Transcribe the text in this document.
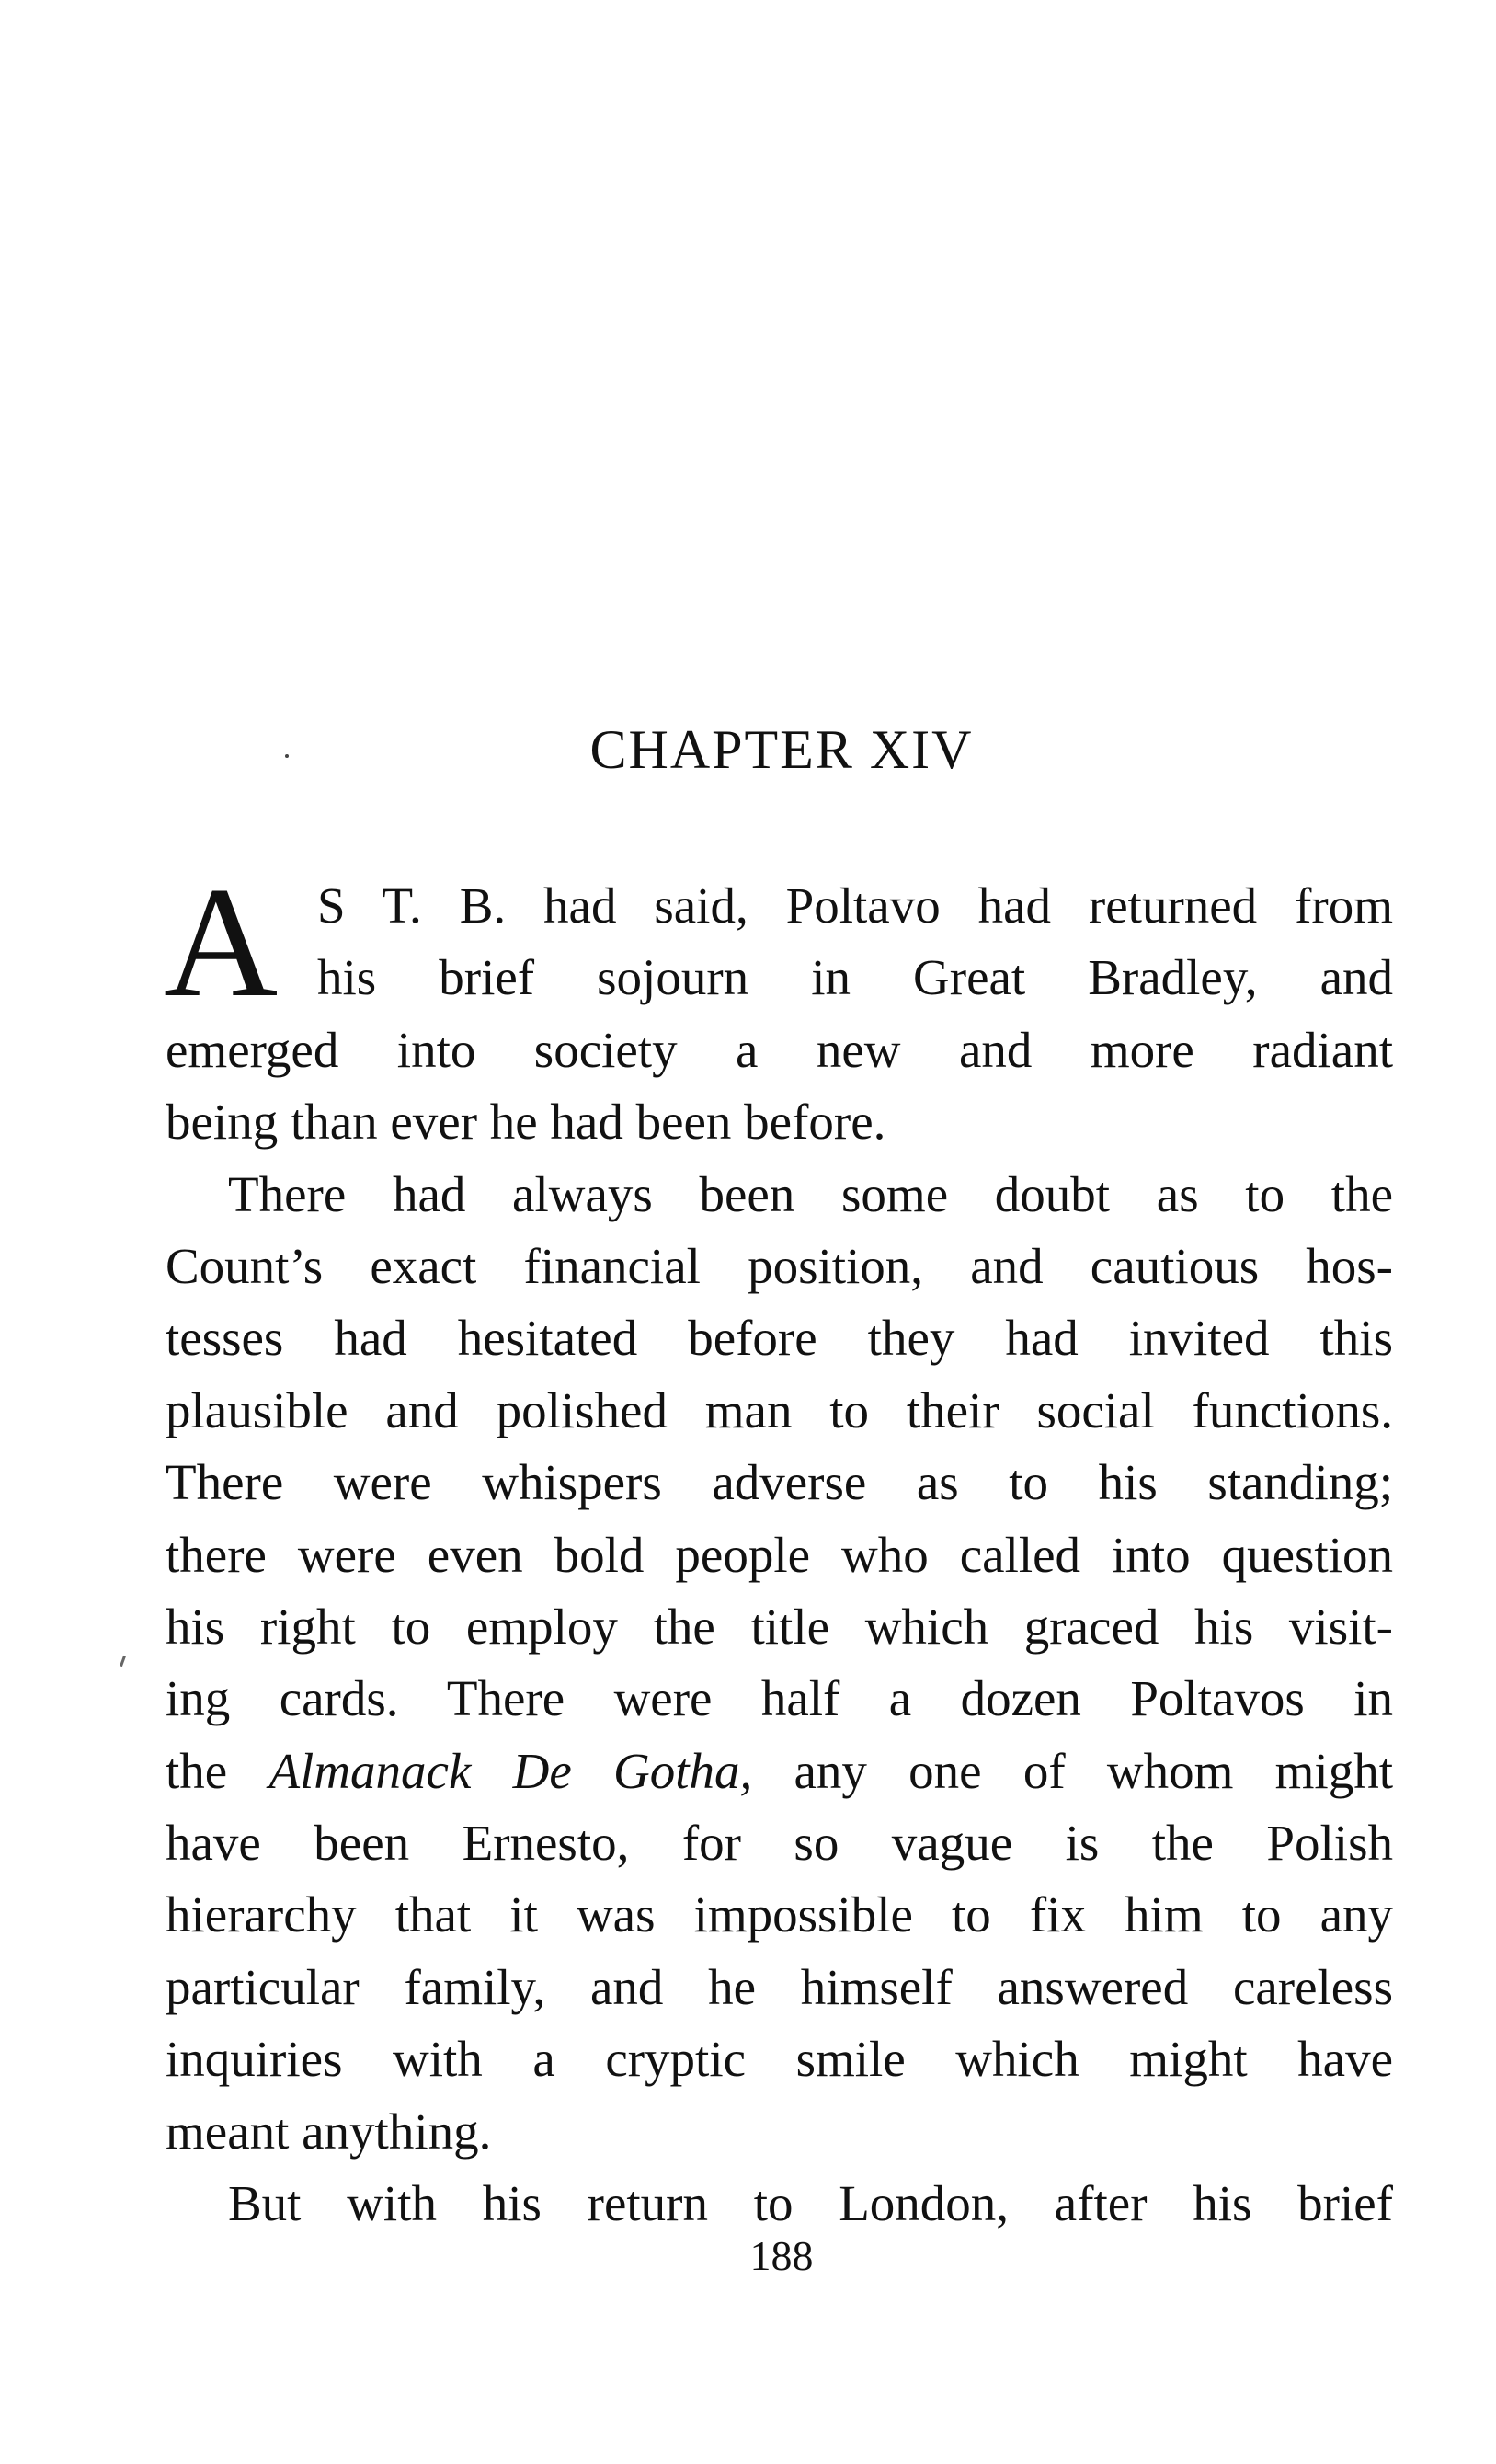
CHAPTER XIV
A S T. B. had said, Poltavo had returned from
his brief sojourn in Great Bradley, and
emerged into society a new and more radiant
being than ever he had been before.
There had always been some doubt as to the
Count’s exact financial position, and cautious hos-
tesses had hesitated before they had invited this
plausible and polished man to their social functions.
There were whispers adverse as to his standing;
there were even bold people who called into question
his right to employ the title which graced his visit-
ing cards. There were half a dozen Poltavos in
the Almanack De Gotha, any one of whom might
have been Ernesto, for so vague is the Polish
hierarchy that it was impossible to fix him to any
particular family, and he himself answered careless
inquiries with a cryptic smile which might have
meant anything.
But with his return to London, after his brief
188
